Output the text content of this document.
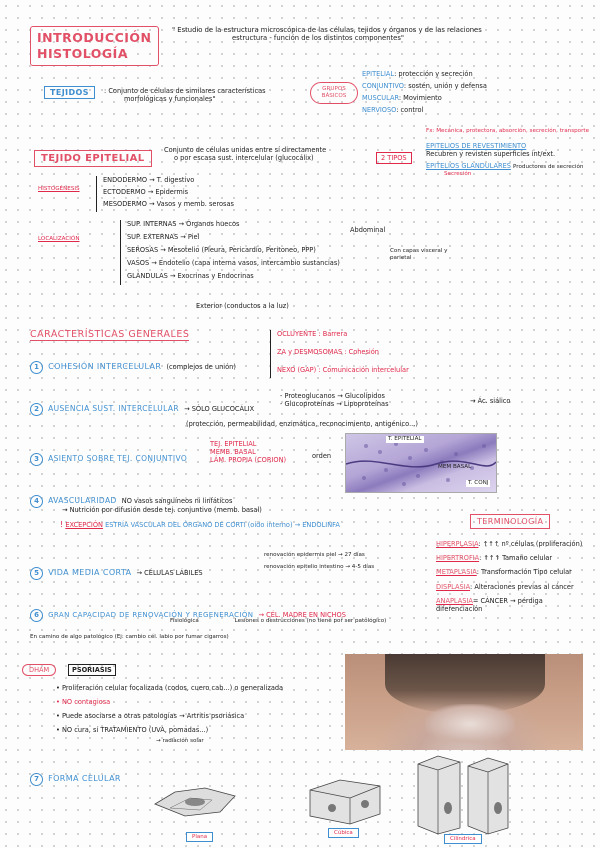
INTRODUCCIÓN
HISTOLOGÍA
" Estudio de la estructura microscópica de las células, tejidos y órganos y de las relaciones
estructura - función de los distintos componentes"
TEJIDOS	: Conjunto de células de similares características
morfológicas y funcionales"
GRUPOS BÁSICOS
EPITELIAL: protección y secreción
CONJUNTIVO: sostén, unión y defensa
MUSCULAR: Movimiento
NERVIOSO: control
TEJIDO EPITELIAL
Conjunto de células unidas entre sí directamente
o por escasa sust. intercelular (glucocálix)
Fx: Mecánica, protectora, absorción, secreción, transporte
2 TIPOS
EPITELIOS DE REVESTIMIENTO
Recubren y revisten superficies int/ext.
EPITELIOS GLANDULARES Productores de secreción
Secreción
HISTOGÉNESIS
ENDODERMO → T. digestivo
ECTODERMO → Epidermis
MESODERMO → Vasos y memb. serosas
LOCALIZACIÓN
SUP. INTERNAS → Órganos huecos
SUP. EXTERNAS → Piel
SEROSAS → Mesotelio (Pleura, Pericardio, Peritoneo, PPP)
VASOS → Endotelio (capa interna vasos, intercambio sustancias)
GLÁNDULAS → Exocrinas y Endocrinas
Abdominal
Con capas visceral y parietal
Exterior (conductos a la luz)
CARACTERÍSTICAS GENERALES
1 COHESIÓN INTERCELULAR (complejos de unión)
OCLUYENTE : Barrera
ZA y DESMOSOMAS : Cohesión
NEXO (GAP) : Comunicación intercelular
2 AUSENCIA SUST. INTERCELULAR → SÓLO GLUCOCÁLIX
- Proteoglucanos → Glucolípidos
- Glucoproteínas → Lipoproteínas	→ Ác. siálico
(protección, permeabilidad, enzimática, reconocimiento, antigénico...)
3 ASIENTO SOBRE TEJ. CONJUNTIVO
TEJ. EPITELIAL
MEMB. BASAL
LÁM. PROPIA (CORION)
orden
T. EPITELIAL
MEM BASAL
T. CONJ
4 AVASCULARIDAD NO vasos sanguíneos ni linfáticos
→ Nutrición por difusión desde tej. conjuntivo (memb. basal)
! EXCEPCIÓN ESTRÍA VASCULAR DEL ÓRGANO DE CORTI (oído interno) → ENDOLINFA
5 VIDA MEDIA CORTA → CÉLULAS LÁBILES
renovación epidermis piel → 27 días
renovación epitelio intestino → 4-5 días
6 GRAN CAPACIDAD DE RENOVACIÓN Y REGENERACIÓN → CÉL. MADRE EN NICHOS
Fisiológica	Lesiones o destrucciones (no tiene por ser patológico)
En camino de algo patológico (Ej: cambio cél. labio por fumar cigarros)
TERMINOLOGÍA
HIPERPLASIA: ↑↑↑ nº células (proliferación)
HIPERTROFIA: ↑↑↑ Tamaño celular
METAPLASIA: Transformación Tipo celular
DISPLASIA: Alteraciones previas al cáncer
ANAPLASIA= CÁNCER → pérdiga diferenciación
DHAM	PSORIASIS
• Proliferación celular focalizada (codos, cuero cab...) o generalizada
• NO contagiosa
• Puede asociarse a otras patologías → Artritis psoriásica
• NO cura, sí TRATAMIENTO (UVA, pomadas...)
→ radiación solar
7 FORMA CELULAR
Plana
Cúbica
Cilíndrica
